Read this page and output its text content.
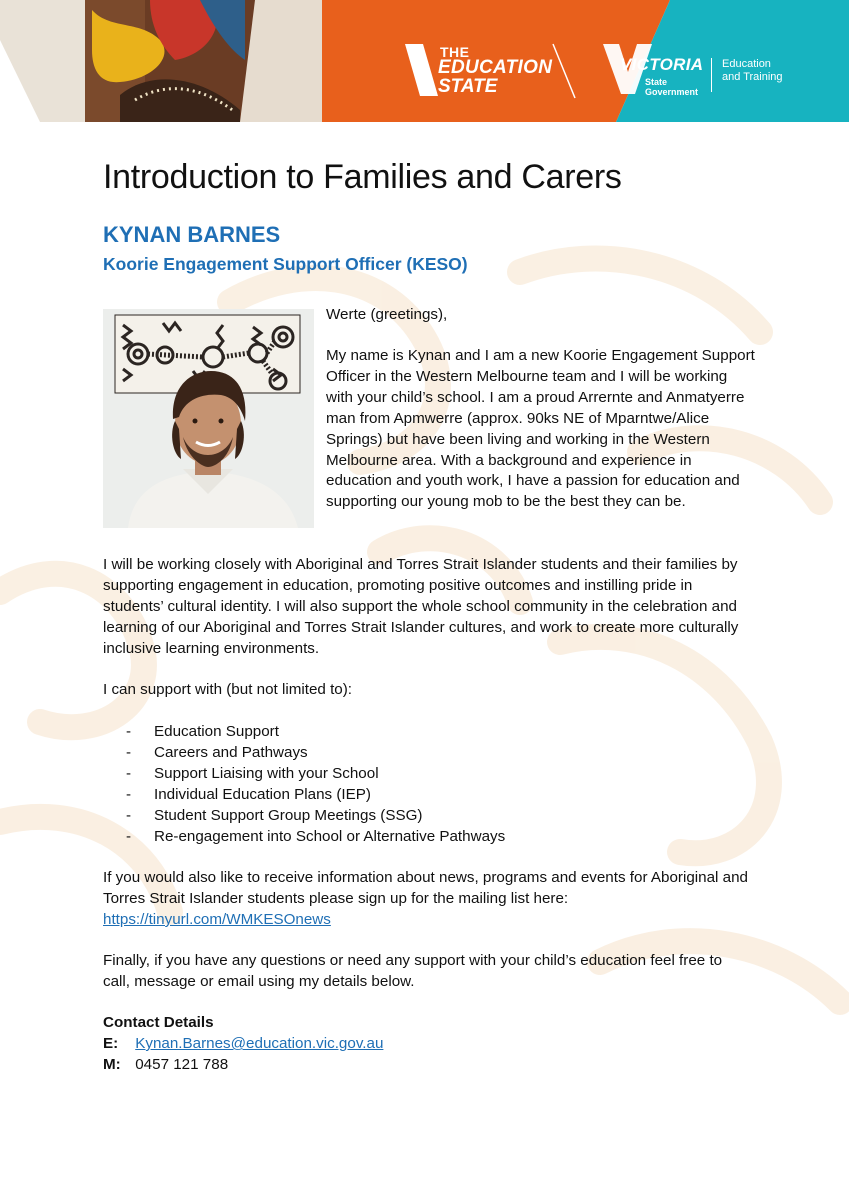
THE
EDUCATION
STATE
VICTORIA
State
Government
Education
and Training
Introduction to Families and Carers
KYNAN BARNES
Koorie Engagement Support Officer (KESO)

Werte (greetings),

My name is Kynan and I am a new Koorie Engagement Support Officer in the Western Melbourne team and I will be working with your child’s school. I am a proud Arrernte and Anmatyerre man from Apmwerre (approx. 90ks NE of Mparntwe/Alice Springs) but have been living and working in the Western Melbourne area. With a background and experience in education and youth work, I have a passion for education and supporting our young mob to be the best they can be.

I will be working closely with Aboriginal and Torres Strait Islander students and their families by supporting engagement in education, promoting positive outcomes and instilling pride in students’ cultural identity. I will also support the whole school community in the celebration and learning of our Aboriginal and Torres Strait Islander cultures, and work to create more culturally inclusive learning environments.

I can support with (but not limited to):

- Education Support
- Careers and Pathways
- Support Liaising with your School
- Individual Education Plans (IEP)
- Student Support Group Meetings (SSG)
- Re-engagement into School or Alternative Pathways
If you would also like to receive information about news, programs and events for Aboriginal and Torres Strait Islander students please sign up for the mailing list here:
https://tinyurl.com/WMKESOnews

Finally, if you have any questions or need any support with your child’s education feel free to call, message or email using my details below.

Contact Details

E: Kynan.Barnes@education.vic.gov.au

M: 0457 121 788
